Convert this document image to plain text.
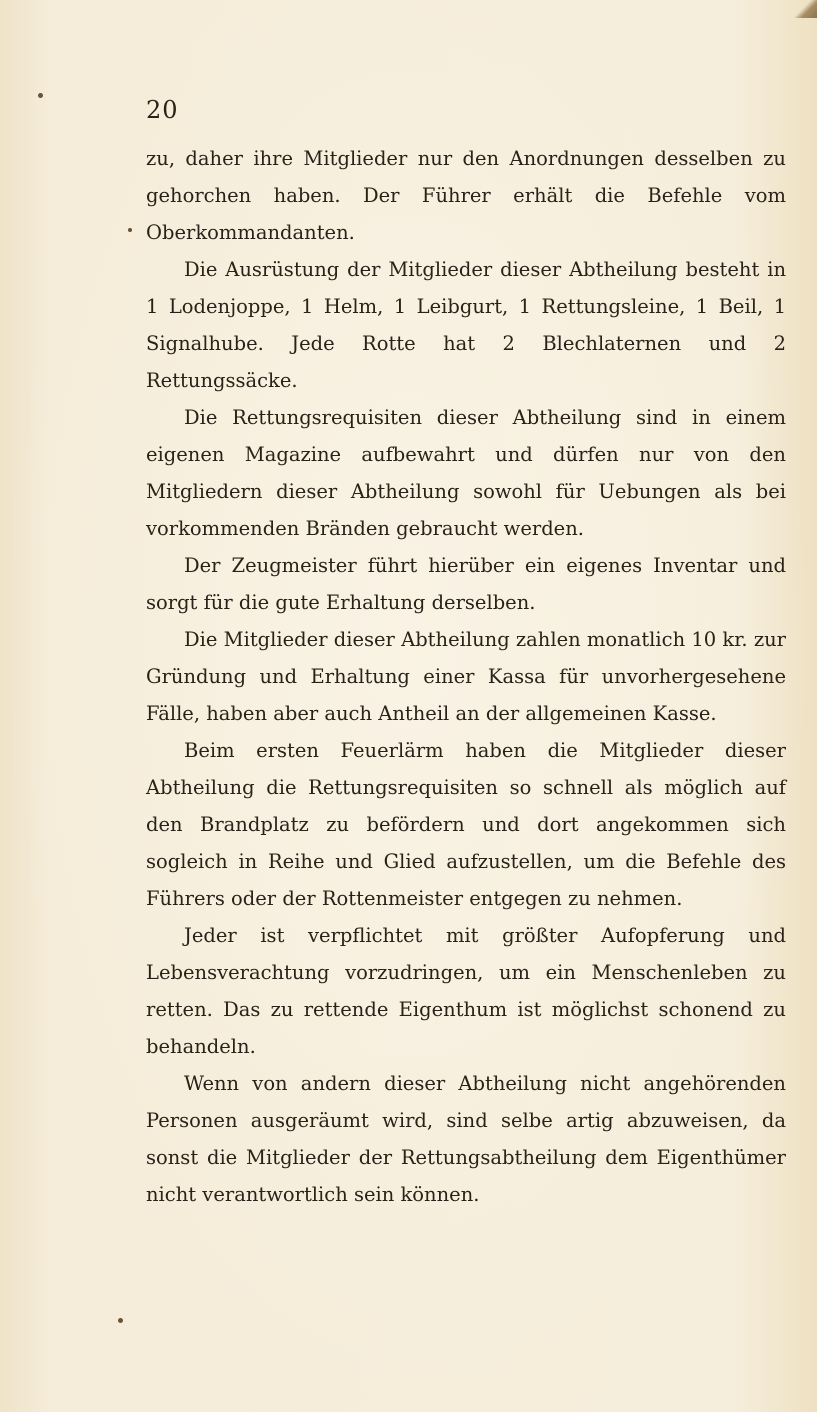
20

zu, daher ihre Mitglieder nur den Anordnungen desselben zu gehorchen haben. Der Führer erhält die Befehle vom Oberkommandanten.

Die Ausrüstung der Mitglieder dieser Abtheilung besteht in 1 Lodenjoppe, 1 Helm, 1 Leibgurt, 1 Rettungsleine, 1 Beil, 1 Signalhube. Jede Rotte hat 2 Blechlaternen und 2 Rettungssäcke.

Die Rettungsrequisiten dieser Abtheilung sind in einem eigenen Magazine aufbewahrt und dürfen nur von den Mitgliedern dieser Abtheilung sowohl für Uebungen als bei vorkommenden Bränden gebraucht werden.

Der Zeugmeister führt hierüber ein eigenes Inventar und sorgt für die gute Erhaltung derselben.

Die Mitglieder dieser Abtheilung zahlen monatlich 10 kr. zur Gründung und Erhaltung einer Kassa für unvorhergesehene Fälle, haben aber auch Antheil an der allgemeinen Kasse.

Beim ersten Feuerlärm haben die Mitglieder dieser Abtheilung die Rettungsrequisiten so schnell als möglich auf den Brandplatz zu befördern und dort angekommen sich sogleich in Reihe und Glied aufzustellen, um die Befehle des Führers oder der Rottenmeister entgegen zu nehmen.

Jeder ist verpflichtet mit größter Aufopferung und Lebensverachtung vorzudringen, um ein Menschenleben zu retten. Das zu rettende Eigenthum ist möglichst schonend zu behandeln.

Wenn von andern dieser Abtheilung nicht angehörenden Personen ausgeräumt wird, sind selbe artig abzuweisen, da sonst die Mitglieder der Rettungsabtheilung dem Eigenthümer nicht verantwortlich sein können.
